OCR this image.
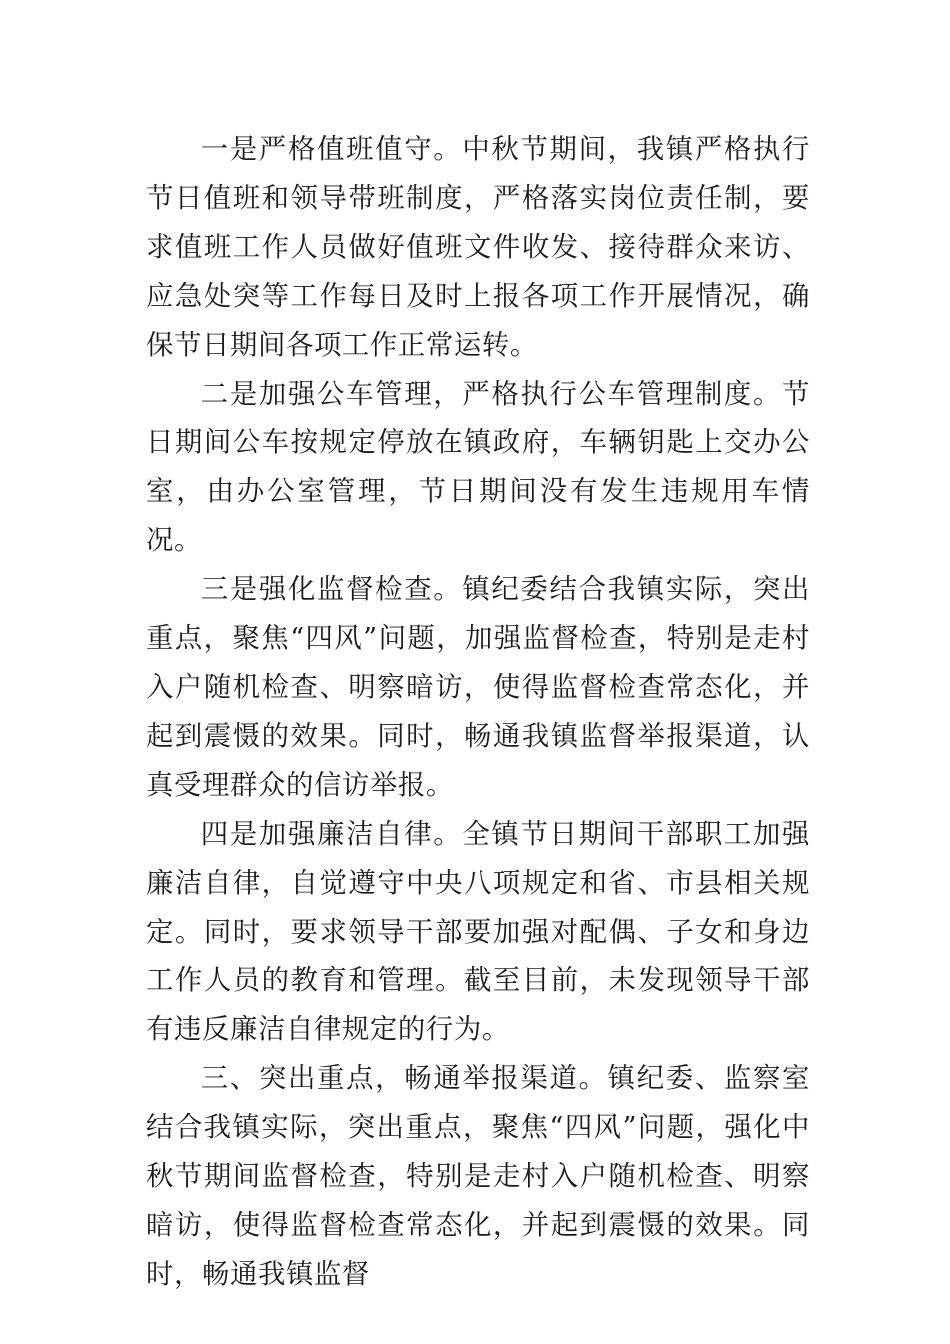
一是严格值班值守。中秋节期间，我镇严格执行节日值班和领导带班制度，严格落实岗位责任制，要求值班工作人员做好值班文件收发、接待群众来访、应急处突等工作每日及时上报各项工作开展情况，确保节日期间各项工作正常运转。

二是加强公车管理，严格执行公车管理制度。节日期间公车按规定停放在镇政府，车辆钥匙上交办公室，由办公室管理，节日期间没有发生违规用车情况。

三是强化监督检查。镇纪委结合我镇实际，突出重点，聚焦“四风”问题，加强监督检查，特别是走村入户随机检查、明察暗访，使得监督检查常态化，并起到震慑的效果。同时，畅通我镇监督举报渠道，认真受理群众的信访举报。

四是加强廉洁自律。全镇节日期间干部职工加强廉洁自律，自觉遵守中央八项规定和省、市县相关规定。同时，要求领导干部要加强对配偶、子女和身边工作人员的教育和管理。截至目前，未发现领导干部有违反廉洁自律规定的行为。

三、突出重点，畅通举报渠道。镇纪委、监察室结合我镇实际，突出重点，聚焦“四风”问题，强化中秋节期间监督检查，特别是走村入户随机检查、明察暗访，使得监督检查常态化，并起到震慑的效果。同时，畅通我镇监督
